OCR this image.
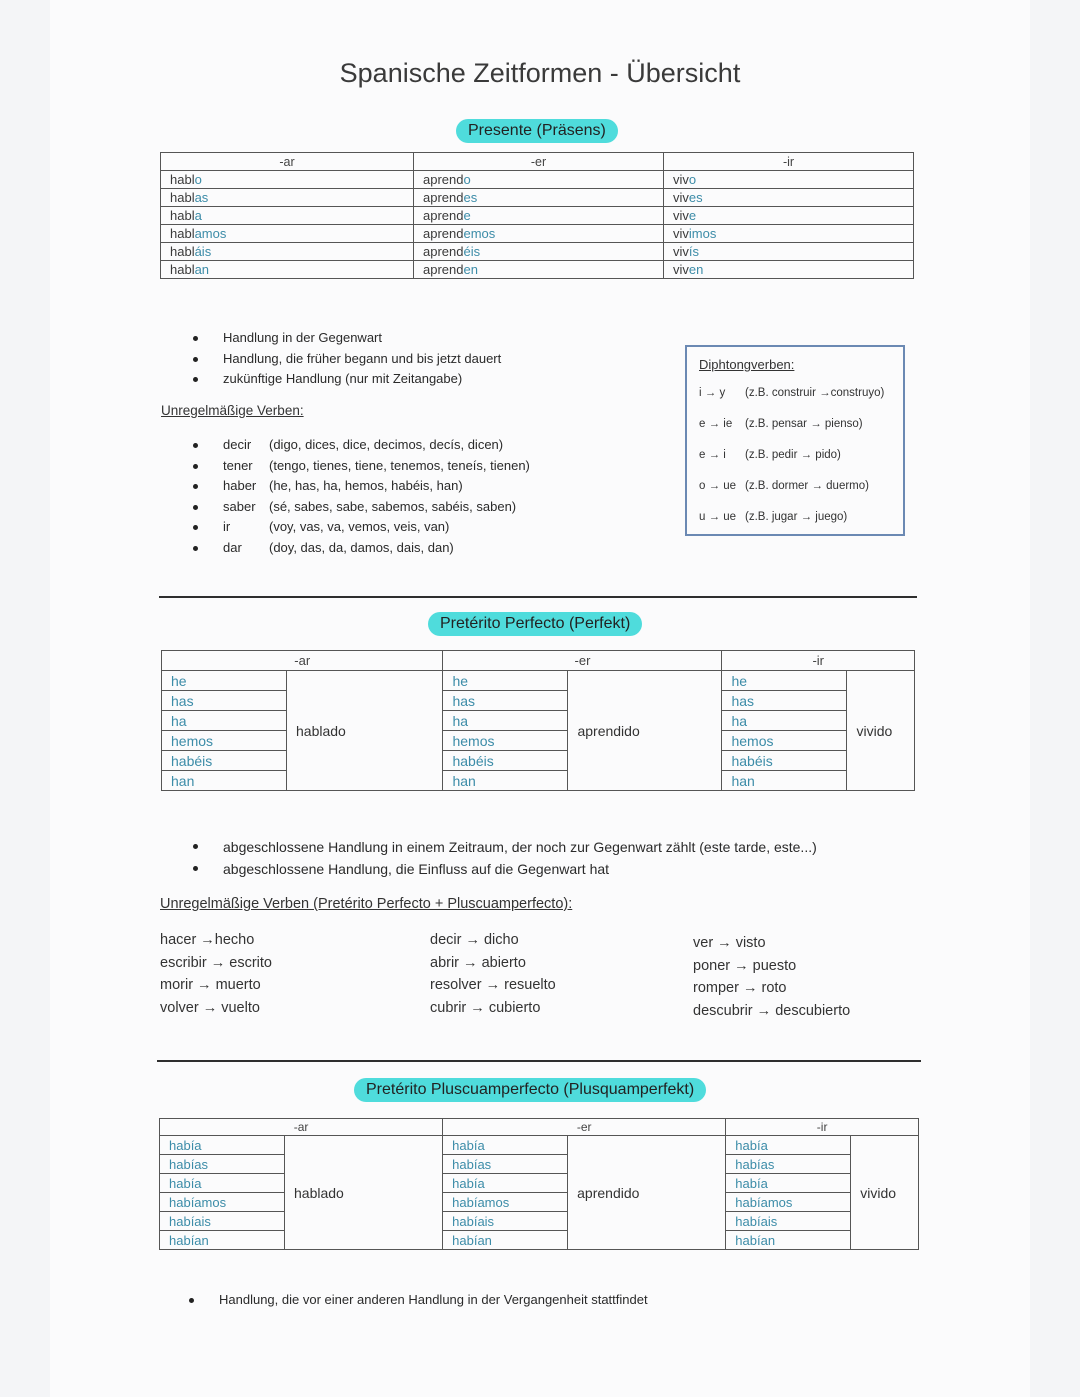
Spanische Zeitformen - Übersicht
Presente (Präsens)
-ar	-er	-ir
hablo	aprendo	vivo
hablas	aprendes	vives
habla	aprende	vive
hablamos	aprendemos	vivimos
habláis	aprendéis	vivís
hablan	aprenden	viven
Handlung in der Gegenwart
Handlung, die früher begann und bis jetzt dauert
zukünftige Handlung (nur mit Zeitangabe)
Unregelmäßige Verben:
decir (digo, dices, dice, decimos, decís, dicen)
tener (tengo, tienes, tiene, tenemos, teneís, tienen)
haber (he, has, ha, hemos, habéis, han)
saber (sé, sabes, sabe, sabemos, sabéis, saben)
ir	(voy, vas, va, vemos, veis, van)
dar (doy, das, da, damos, dais, dan)
Diphtongverben:
i → y (z.B. construir →construyo)
e → ie (z.B. pensar → pienso)
e → i (z.B. pedir → pido)
o → ue (z.B. dormer → duermo)
u → ue (z.B. jugar → juego)
Pretérito Perfecto (Perfekt)
-ar		-er		-ir	
he	hablado	he	aprendido	he	vivido
has		has		has	
ha		ha		ha	
hemos		hemos		hemos	
habéis		habéis		habéis	
han		han		han	
abgeschlossene Handlung in einem Zeitraum, der noch zur Gegenwart zählt (este tarde, este...)
abgeschlossene Handlung, die Einfluss auf die Gegenwart hat
Unregelmäßige Verben (Pretérito Perfecto + Pluscuamperfecto):
hacer →hecho
escribir → escrito
morir → muerto
volver → vuelto
decir → dicho
abrir → abierto
resolver → resuelto
cubrir → cubierto
ver → visto
poner → puesto
romper → roto
descubrir → descubierto
Pretérito Pluscuamperfecto (Plusquamperfekt)
-ar		-er		-ir	
había	hablado	había	aprendido	había	vivido
habías		habías		habías	
había		había		había	
habíamos		habíamos		habíamos	
habíais		habíais		habíais	
habían		habían		habían	
Handlung, die vor einer anderen Handlung in der Vergangenheit stattfindet
